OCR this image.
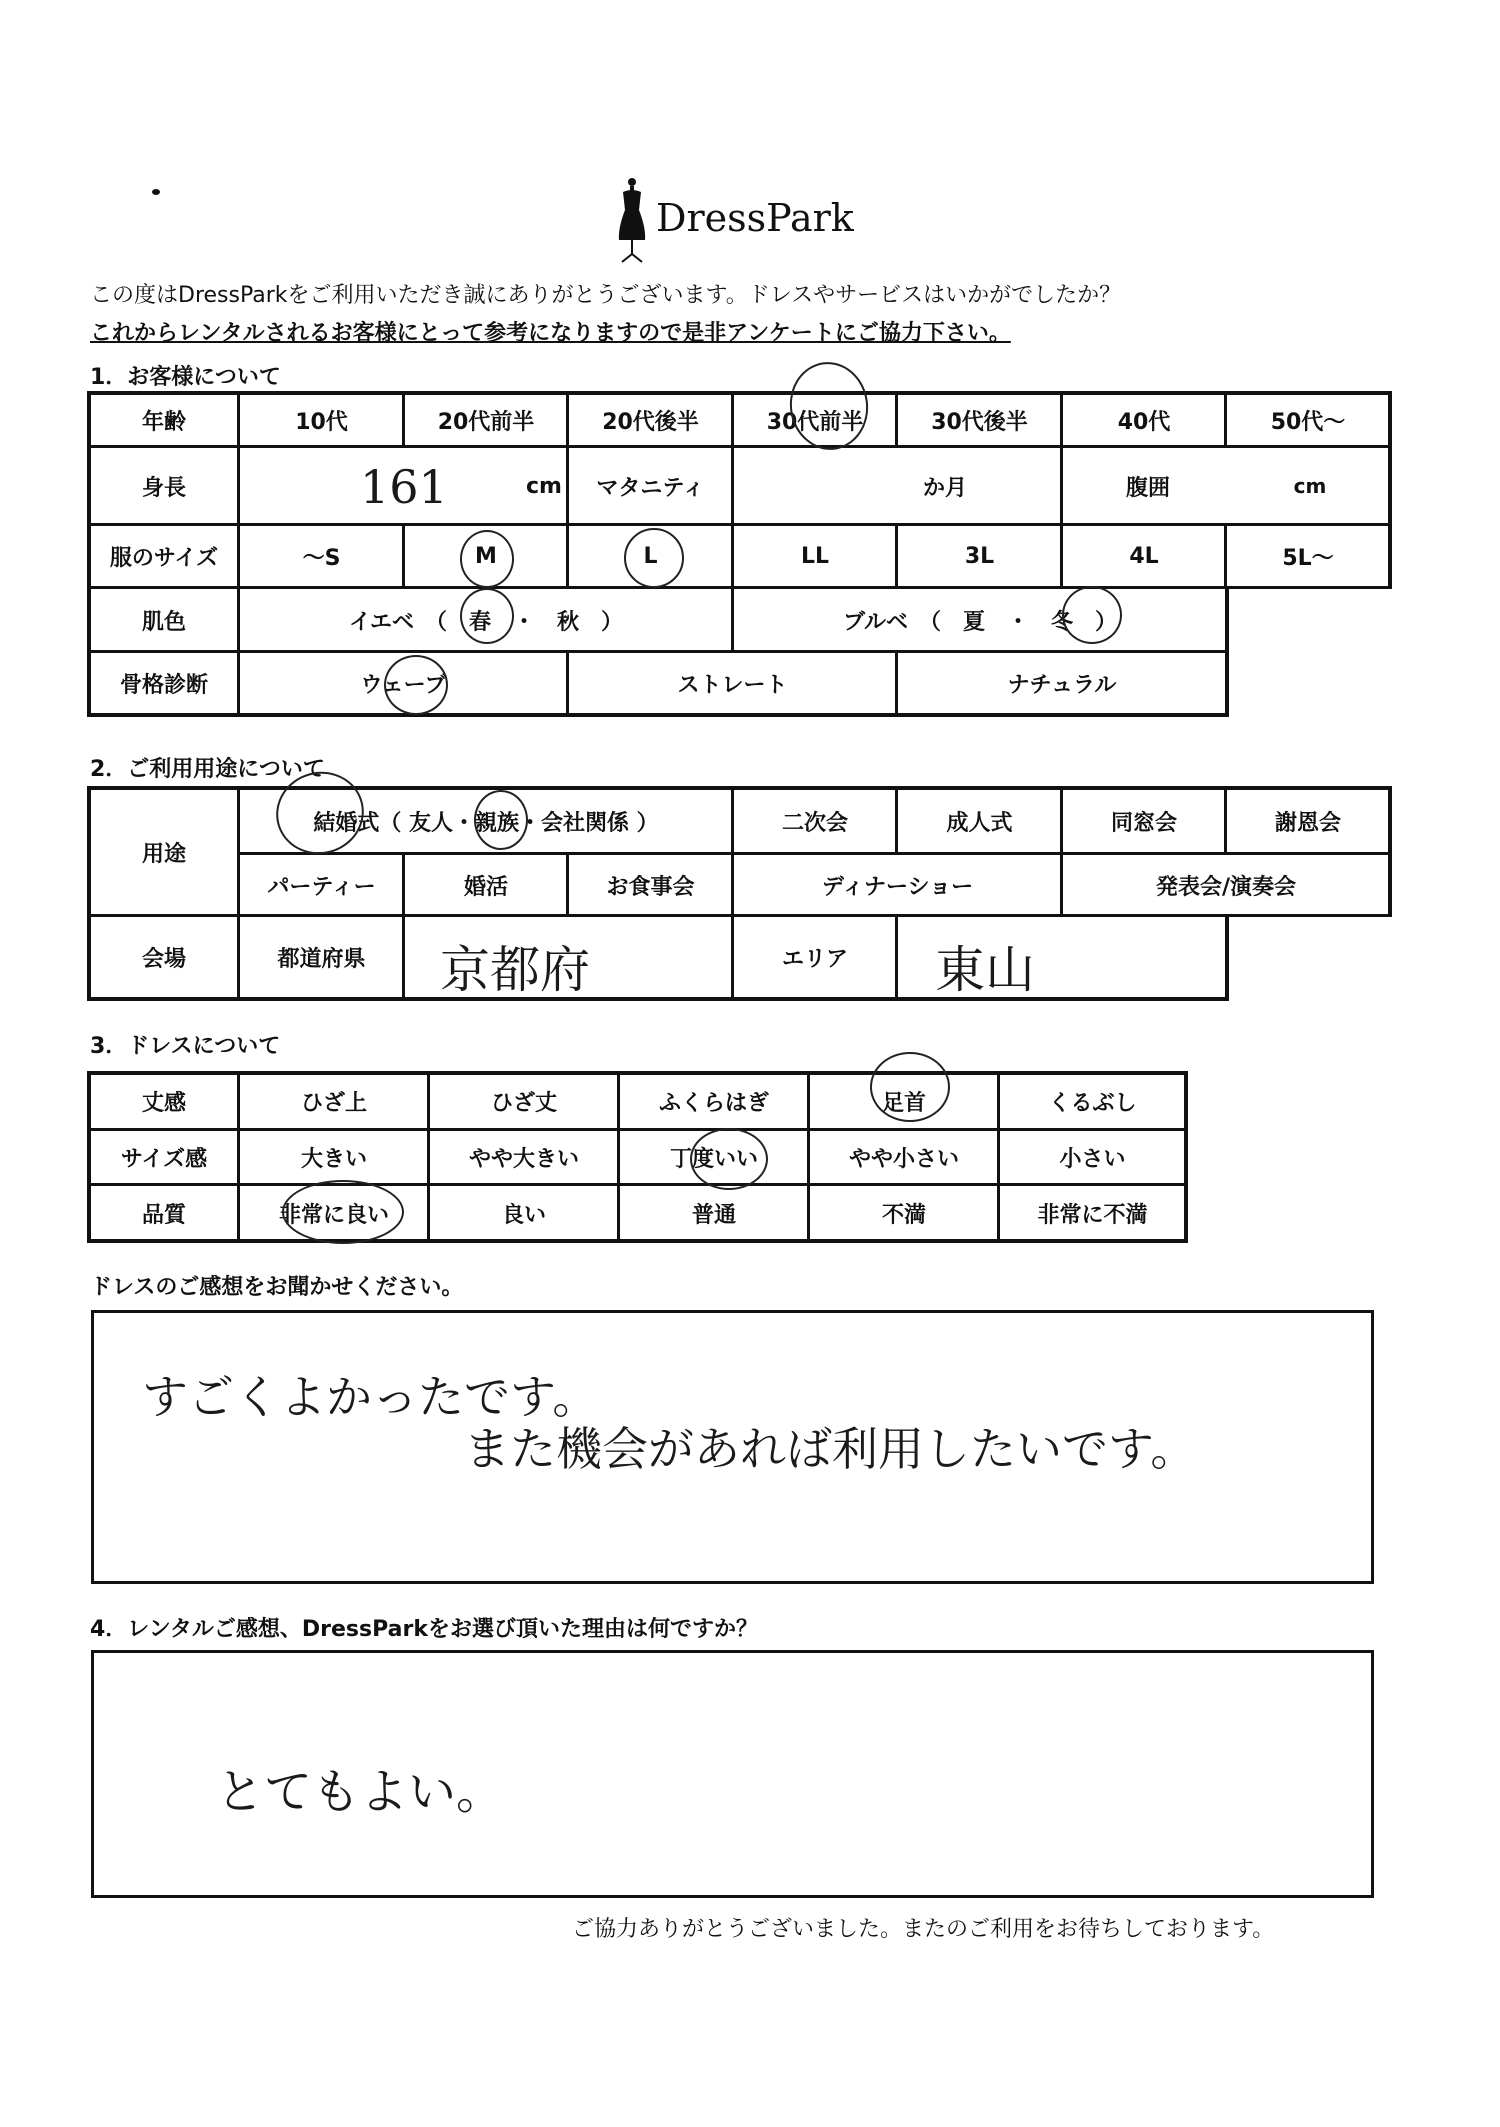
DressPark
この度はDressParkをご利用いただき誠にありがとうございます。ドレスやサービスはいかがでしたか？
これからレンタルされるお客様にとって参考になりますので是非アンケートにご協力下さい。
1．お客様について
年齢	10代	20代前半	20代後半	30代前半	30代後半	40代	50代～
身長	161	cm	マタニティ	か月	腹囲	cm
服のサイズ	～S	M	L	LL	3L	4L	5L～
肌色	イエベ　（　春　・　秋　）	ブルベ　（　夏　・　冬　）
骨格診断	ウェーブ	ストレート	ナチュラル
2．ご利用用途について
用途
結婚式（ 友人・親族・会社関係 ）	二次会	成人式	同窓会	謝恩会
パーティー	婚活	お食事会	ディナーショー	発表会/演奏会
会場	都道府県	京都府	エリア	東山
3．ドレスについて
丈感	ひざ上	ひざ丈	ふくらはぎ	足首	くるぶし
サイズ感	大きい	やや大きい	丁度いい	やや小さい	小さい
品質	非常に良い	良い	普通	不満	非常に不満
ドレスのご感想をお聞かせください。
すごくよかったです。
また機会があれば利用したいです。
4．レンタルご感想、DressParkをお選び頂いた理由は何ですか？
とてもよい。
ご協力ありがとうございました。またのご利用をお待ちしております。
